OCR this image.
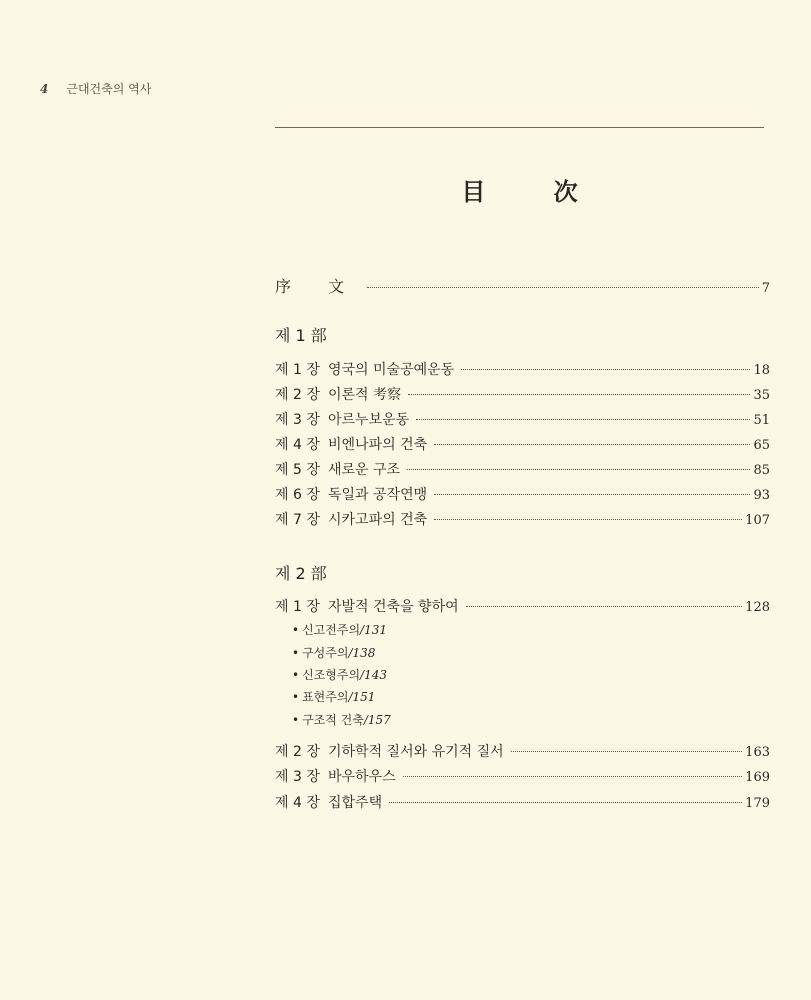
4 근대건축의 역사
目 次
序 文	7
제 1 部
제 1 장 영국의 미술공예운동	18
제 2 장 이론적 考察	35
제 3 장 아르누보운동	51
제 4 장 비엔나파의 건축	65
제 5 장 새로운 구조	85
제 6 장 독일과 공작연맹	93
제 7 장 시카고파의 건축	107
제 2 部
제 1 장 자발적 건축을 향하여	128
• 신고전주의/131
• 구성주의/138
• 신조형주의/143
• 표현주의/151
• 구조적 건축/157
제 2 장 기하학적 질서와 유기적 질서	163
제 3 장 바우하우스	169
제 4 장 집합주택	179
